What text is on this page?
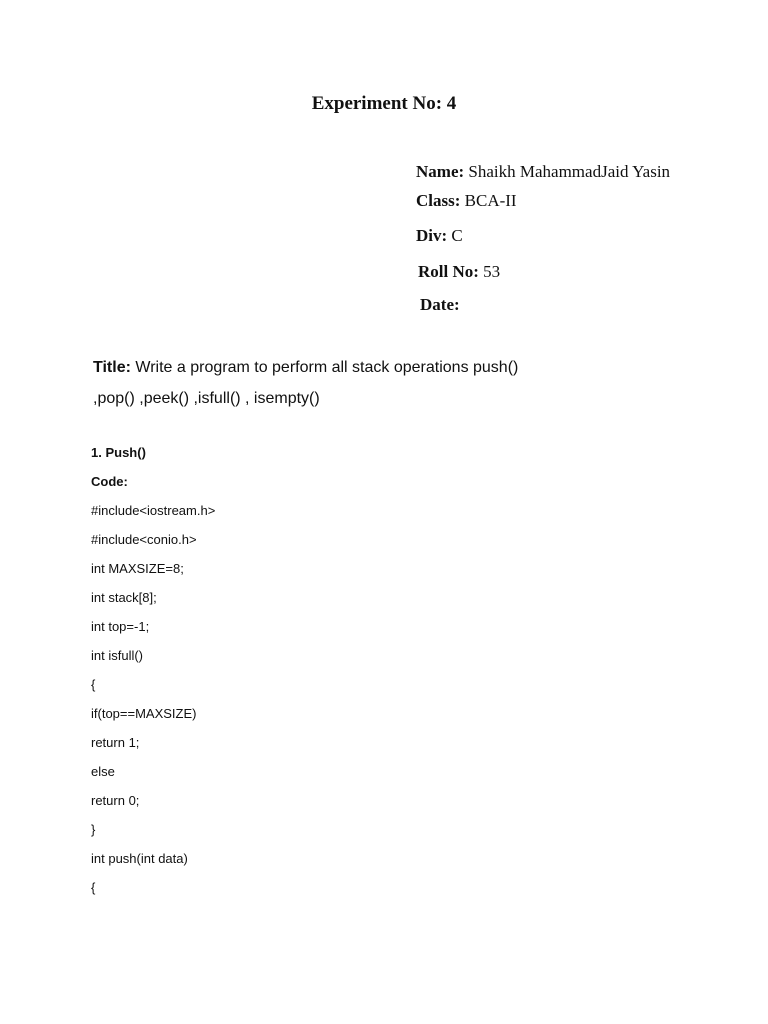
Experiment No: 4
Name: Shaikh MahammadJaid Yasin
Class: BCA-II
Div: C
Roll No: 53
Date:
Title: Write a program to perform all stack operations push()
,pop() ,peek() ,isfull() , isempty()
1. Push()
Code:
#include<iostream.h>
#include<conio.h>
int MAXSIZE=8;
int stack[8];
int top=-1;
int isfull()
{
if(top==MAXSIZE)
return 1;
else
return 0;
}
int push(int data)
{
